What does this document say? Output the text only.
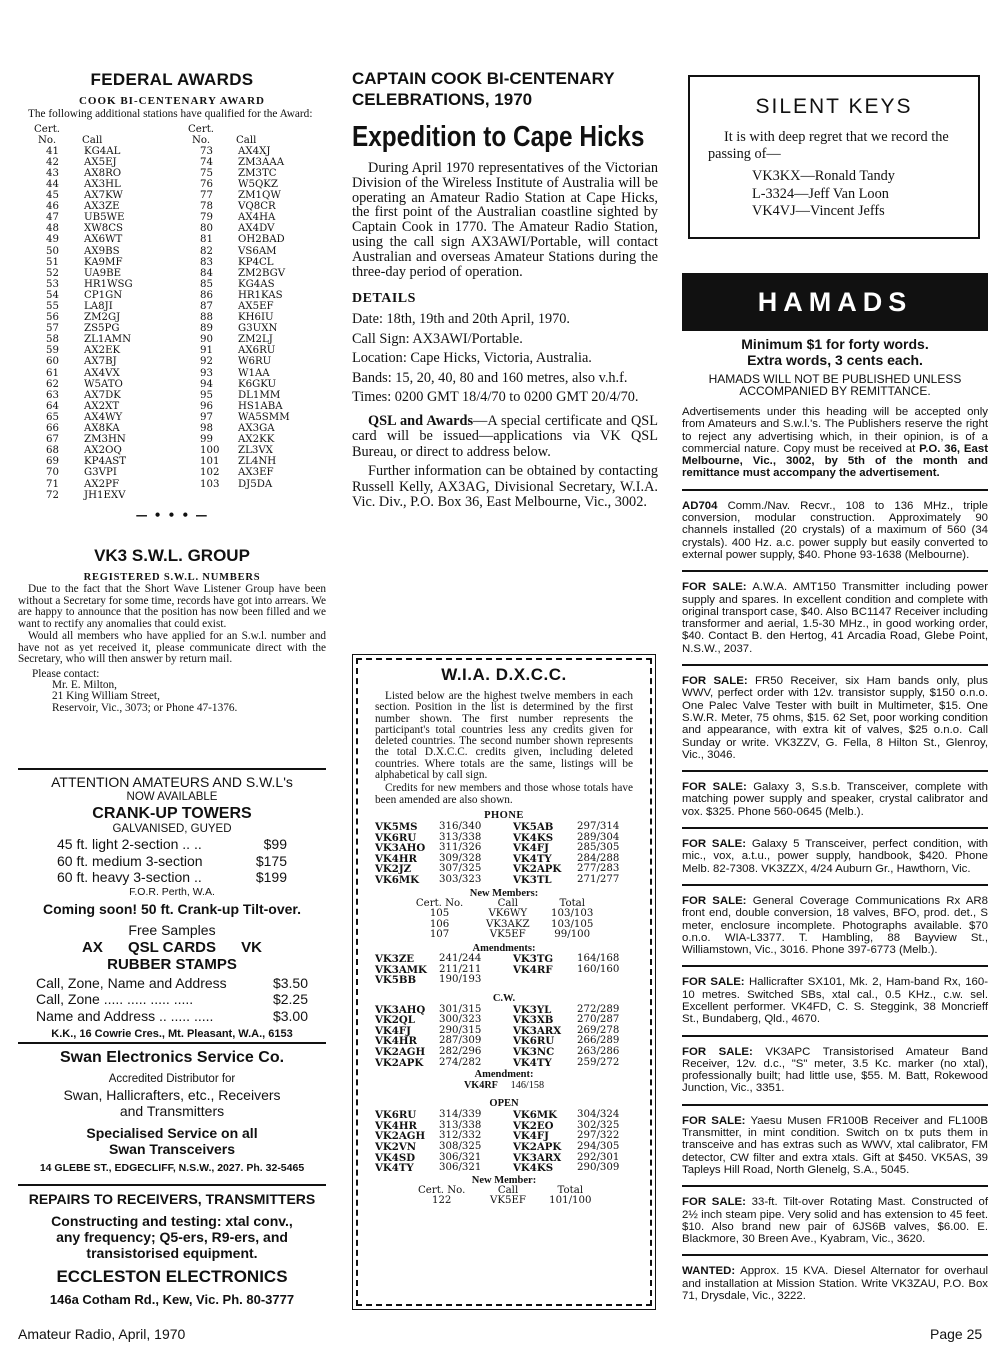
FEDERAL AWARDS
COOK BI-CENTENARY AWARD

The following additional stations have qualified for the Award:

Cert.	
No.	Call
41	KG4AL
42	AX5EJ
43	AX8RO
44	AX3HL
45	AX7KW
46	AX3ZE
47	UB5WE
48	XW8CS
49	AX6WT
50	AX9BS
51	KA9MF
52	UA9BE
53	HR1WSG
54	CP1GN
55	LA8JI
56	ZM2GJ
57	ZS5PG
58	ZL1AMN
59	AX2EK
60	AX7BJ
61	AX4VX
62	W5ATO
63	AX7DK
64	AX2XT
65	AX4WY
66	AX8KA
67	ZM3HN
68	AX2OQ
69	KP4AST
70	G3VPI
71	AX2PF
72	JH1EXV
Cert.	
No.	Call
73	AX4XJ
74	ZM3AAA
75	ZM3TC
76	W5QKZ
77	ZM1QW
78	VQ8CR
79	AX4HA
80	AX4DV
81	OH2BAD
82	VS6AM
83	KP4CL
84	ZM2BGV
85	KG4AS
86	HR1KAS
87	AX5EF
88	KH6IU
89	G3UXN
90	ZM2LJ
91	AX6RU
92	W6RU
93	W1AA
94	K6GKU
95	DL1MM
96	HS1ABA
97	WA5SMM
98	AX3GA
99	AX2KK
100	ZL3VX
101	ZL4NH
102	AX3EF
103	DJ5DA
— • • • —
VK3 S.W.L. GROUP
REGISTERED S.W.L. NUMBERS

Due to the fact that the Short Wave Listener Group have been without a Secretary for some time, records have got into arrears. We are happy to announce that the position has now been filled and we want to rectify any anomalies that could exist.

Would all members who have applied for an S.w.l. number and have not as yet received it, please communicate direct with the Secretary, who will then answer by return mail.

Please contact:

Mr. E. Milton,

21 King William Street,

Reservoir, Vic., 3073; or Phone 47-1376.

ATTENTION AMATEURS AND S.W.L's
NOW AVAILABLE
CRANK-UP TOWERS
GALVANISED, GUYED
45 ft. light 2-section .. ..	$99
60 ft. medium 3-section	$175
60 ft. heavy 3-section ..	$199
F.O.R. Perth, W.A.
Coming soon! 50 ft. Crank-up Tilt-over.
Free Samples
AX QSL CARDS VK
RUBBER STAMPS
Call, Zone, Name and Address	$3.50
Call, Zone ..... ..... ..... .....	$2.25
Name and Address .. ..... .....	$3.00
K.K., 16 Cowrie Cres., Mt. Pleasant, W.A., 6153
Swan Electronics Service Co.
Accredited Distributor for
Swan, Hallicrafters, etc., Receivers
and Transmitters
Specialised Service on all
Swan Transceivers
14 GLEBE ST., EDGECLIFF, N.S.W., 2027. Ph. 32-5465
REPAIRS TO RECEIVERS, TRANSMITTERS
Constructing and testing: xtal conv.,
any frequency; Q5-ers, R9-ers, and
transistorised equipment.
ECCLESTON ELECTRONICS
146a Cotham Rd., Kew, Vic. Ph. 80-3777
CAPTAIN COOK BI-CENTENARY
CELEBRATIONS, 1970
Expedition to Cape Hicks

During April 1970 representatives of the Victorian Division of the Wireless Institute of Australia will be operating an Amateur Radio Station at Cape Hicks, the first point of the Australian coastline sighted by Captain Cook in 1770. The Amateur Radio Station, using the call sign AX3AWI/Portable, will contact Australian and overseas Amateur Stations during the three-day period of operation.

DETAILS

Date: 18th, 19th and 20th April, 1970.

Call Sign: AX3AWI/Portable.

Location: Cape Hicks, Victoria, Australia.

Bands: 15, 20, 40, 80 and 160 metres, also v.h.f.

Times: 0200 GMT 18/4/70 to 0200 GMT 20/4/70.

QSL and Awards—A special certificate and QSL card will be issued—applications via VK QSL Bureau, or direct to address below.

Further information can be obtained by contacting Russell Kelly, AX3AG, Divisional Secretary, W.I.A. Vic. Div., P.O. Box 36, East Melbourne, Vic., 3002.

W.I.A. D.X.C.C.

Listed below are the highest twelve members in each section. Position in the list is determined by the first number shown. The first number represents the participant's total countries less any credits given for deleted countries. The second number shown represents the total D.X.C.C. credits given, including deleted countries. Where totals are the same, listings will be alphabetical by call sign.

Credits for new members and those whose totals have been amended are also shown.

PHONE
VK5MS	316/340	VK5AB	297/314
VK6RU	313/338	VK4KS	289/304
VK3AHO	311/326	VK4FJ	285/305
VK4HR	309/328	VK4TY	284/288
VK2JZ	307/325	VK2APK	277/283
VK6MK	303/323	VK3TL	271/277
New Members:
Cert. No.	Call	Total
105	VK6WY	103/103
106	VK3AKZ	103/105
107	VK5EF	99/100
Amendments:
VK3ZE	241/244	VK3TG	164/168
VK3AMK	211/211	VK4RF	160/160
VK5BB	190/193		
C.W.
VK3AHQ	301/315	VK3YL	272/289
VK2QL	300/323	VK3XB	270/287
VK4FJ	290/315	VK3ARX	269/278
VK4HR	287/309	VK6RU	266/289
VK2AGH	282/296	VK3NC	263/286
VK2APK	274/282	VK4TY	259/272
Amendment:
VK4RF 146/158
OPEN
VK6RU	314/339	VK6MK	304/324
VK4HR	313/338	VK2EO	302/325
VK2AGH	312/332	VK4FJ	297/322
VK2VN	308/325	VK2APK	294/305
VK4SD	306/321	VK3ARX	292/301
VK4TY	306/321	VK4KS	290/309
New Member:
Cert. No.	Call	Total
122	VK5EF	101/100
SILENT KEYS

It is with deep regret that we record the passing of—

VK3KX—Ronald Tandy
L-3324—Jeff Van Loon
VK4VJ—Vincent Jeffs
HAMADS
Minimum $1 for forty words.
Extra words, 3 cents each.
HAMADS WILL NOT BE PUBLISHED UNLESS
ACCOMPANIED BY REMITTANCE.

Advertisements under this heading will be accepted only from Amateurs and S.w.l.'s. The Publishers reserve the right to reject any advertising which, in their opinion, is of a commercial nature. Copy must be received at P.O. 36, East Melbourne, Vic., 3002, by 5th of the month and remittance must accompany the advertisement.

AD704 Comm./Nav. Recvr., 108 to 136 MHz., triple conversion, modular construction. Approximately 90 channels installed (20 crystals) of a maximum of 560 (34 crystals). 400 Hz. a.c. power supply but easily converted to external power supply, $40. Phone 93-1638 (Melbourne).

FOR SALE: A.W.A. AMT150 Transmitter including power supply and spares. In excellent condition and complete with original transport case, $40. Also BC1147 Receiver including transformer and aerial, 1.5-30 MHz., in good working order, $40. Contact B. den Hertog, 41 Arcadia Road, Glebe Point, N.S.W., 2037.

FOR SALE: FR50 Receiver, six Ham bands only, plus WWV, perfect order with 12v. transistor supply, $150 o.n.o. One Palec Valve Tester with built in Multimeter, $15. One S.W.R. Meter, 75 ohms, $15. 62 Set, poor working condition and appearance, with extra kit of valves, $25 o.n.o. Call Sunday or write. VK3ZZV, G. Fella, 8 Hilton St., Glenroy, Vic., 3046.

FOR SALE: Galaxy 3, S.s.b. Transceiver, complete with matching power supply and speaker, crystal calibrator and vox. $325. Phone 560-0645 (Melb.).

FOR SALE: Galaxy 5 Transceiver, perfect condition, with mic., vox, a.t.u., power supply, handbook, $420. Phone Melb. 82-7308. VK3ZZX, 4/24 Auburn Gr., Hawthorn, Vic.

FOR SALE: General Coverage Communications Rx AR8 front end, double conversion, 18 valves, BFO, prod. det., S meter, enclosure incomplete. Photographs available. $70 o.n.o. WIA-L3377. T. Hambling, 88 Bayview St., Williamstown, Vic., 3016. Phone 397-6773 (Melb.).

FOR SALE: Hallicrafter SX101, Mk. 2, Ham-band Rx, 160-10 metres. Switched SBs, xtal cal., 0.5 KHz., c.w. sel. Excellent performer. VK4FD, C. S. Steggink, 38 Moncrieff St., Bundaberg, Qld., 4670.

FOR SALE: VK3APC Transistorised Amateur Band Receiver, 12v. d.c., "S" meter, 3.5 Kc. marker (no xtal), professionally built; had little use, $55. M. Batt, Rokewood Junction, Vic., 3351.

FOR SALE: Yaesu Musen FR100B Receiver and FL100B Transmitter, in mint condition. Switch on tx puts them in transceive and has extras such as WWV, xtal calibrator, FM detector, CW filter and extra xtals. Gift at $450. VK5AS, 39 Tapleys Hill Road, North Glenelg, S.A., 5045.

FOR SALE: 33-ft. Tilt-over Rotating Mast. Constructed of 2½ inch steam pipe. Very solid and has extension to 45 feet. $10. Also brand new pair of 6JS6B valves, $6.00. E. Blackmore, 30 Breen Ave., Kyabram, Vic., 3620.

WANTED: Approx. 15 KVA. Diesel Alternator for overhaul and installation at Mission Station. Write VK3ZAU, P.O. Box 71, Drysdale, Vic., 3222.

Amateur Radio, April, 1970	Page 25
